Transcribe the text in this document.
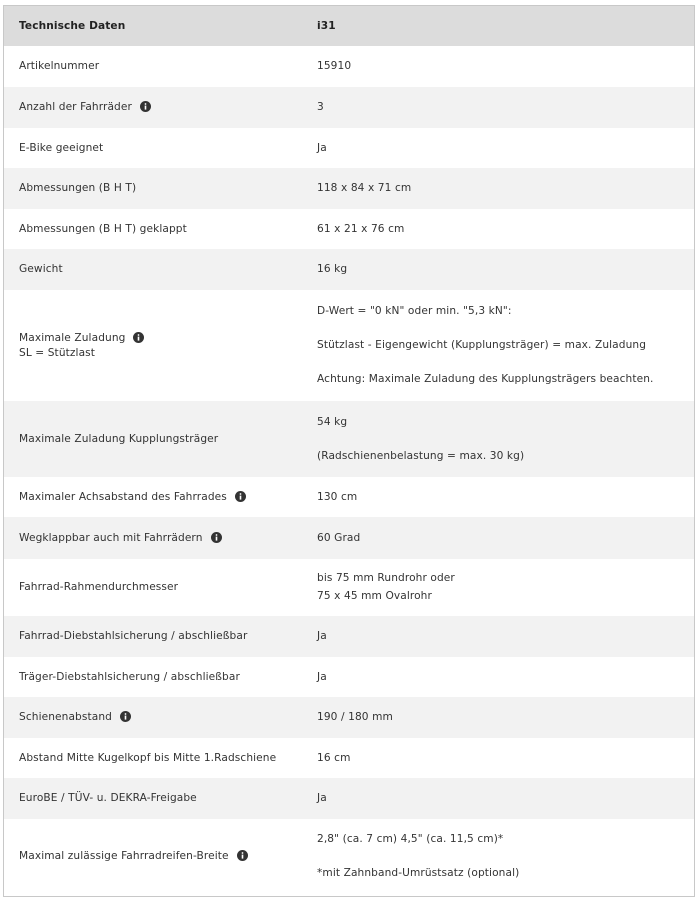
Technische Daten	i31
Artikelnummer	15910
Anzahl der Fahrräder	3
E-Bike geeignet	Ja
Abmessungen (B H T)	118 x 84 x 71 cm
Abmessungen (B H T) geklappt	61 x 21 x 76 cm
Gewicht	16 kg

Maximale Zuladung
SL = Stützlast	D-Wert = "0 kN" oder min. "5,3 kN":
Stützlast - Eigengewicht (Kupplungsträger) = max. Zuladung
Achtung: Maximale Zuladung des Kupplungsträgers beachten.

Maximale Zuladung Kupplungsträger	54 kg
(Radschienenbelastung = max. 30 kg)

Maximaler Achsabstand des Fahrrades	130 cm
Wegklappbar auch mit Fahrrädern	60 Grad
Fahrrad-Rahmendurchmesser	bis 75 mm Rundrohr oder
75 x 45 mm Ovalrohr

Fahrrad-Diebstahlsicherung / abschließbar	Ja
Träger-Diebstahlsicherung / abschließbar	Ja
Schienenabstand	190 / 180 mm
Abstand Mitte Kugelkopf bis Mitte 1.Radschiene	16 cm
EuroBE / TÜV- u. DEKRA-Freigabe	Ja
Maximal zulässige Fahrradreifen-Breite	2,8" (ca. 7 cm) 4,5" (ca. 11,5 cm)*
*mit Zahnband-Umrüstsatz (optional)
